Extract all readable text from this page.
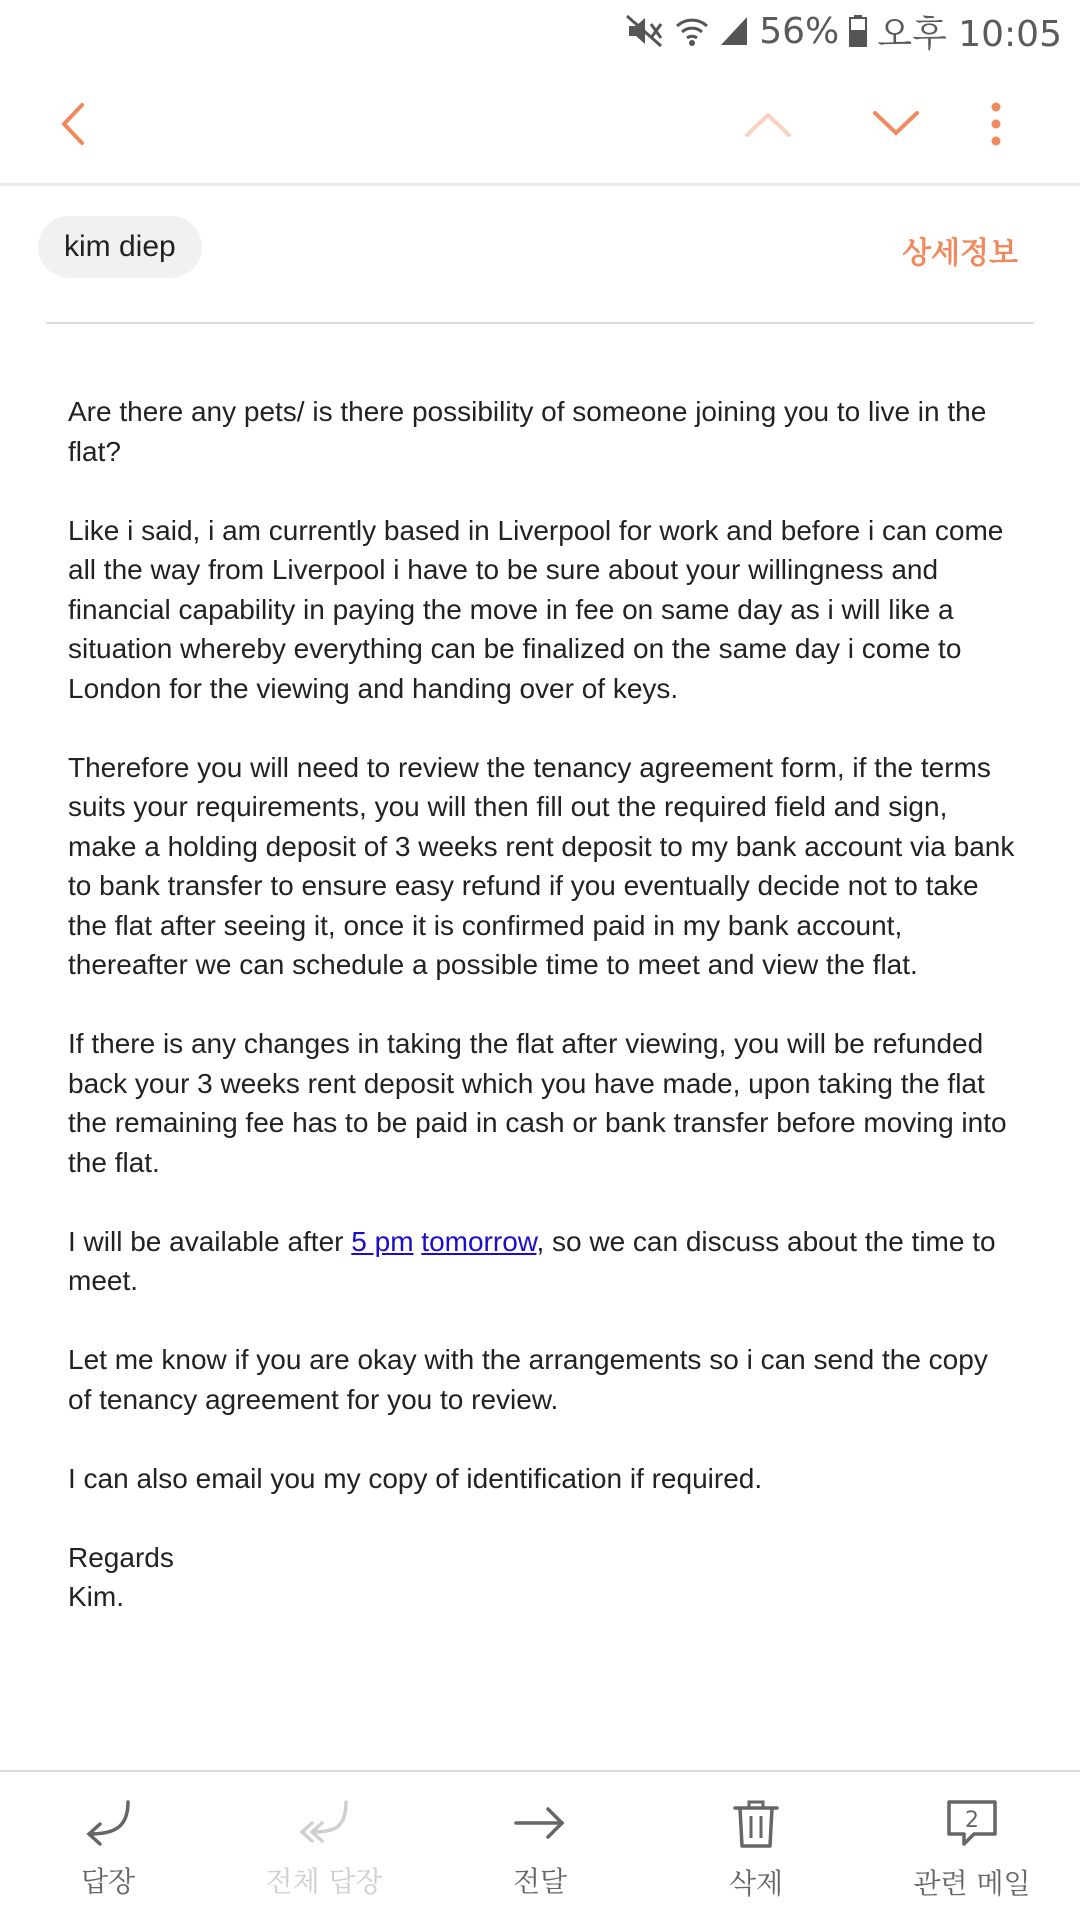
56% 오후 10:05
kim diep	상세정보

Are there any pets/ is there possibility of someone joining you to live in the flat?

Like i said, i am currently based in Liverpool for work and before i can come all the way from Liverpool i have to be sure about your willingness and financial capability in paying the move in fee on same day as i will like a situation whereby everything can be finalized on the same day i come to London for the viewing and handing over of keys.

Therefore you will need to review the tenancy agreement form, if the terms suits your requirements, you will then fill out the required field and sign, make a holding deposit of 3 weeks rent deposit to my bank account via bank to bank transfer to ensure easy refund if you eventually decide not to take the flat after seeing it, once it is confirmed paid in my bank account, thereafter we can schedule a possible time to meet and view the flat.

If there is any changes in taking the flat after viewing, you will be refunded back your 3 weeks rent deposit which you have made, upon taking the flat the remaining fee has to be paid in cash or bank transfer before moving into the flat.

I will be available after 5 pm tomorrow, so we can discuss about the time to meet.

Let me know if you are okay with the arrangements so i can send the copy of tenancy agreement for you to review.

I can also email you my copy of identification if required.

Regards
Kim.

답장	전체 답장	전달	삭제
2
관련 메일
